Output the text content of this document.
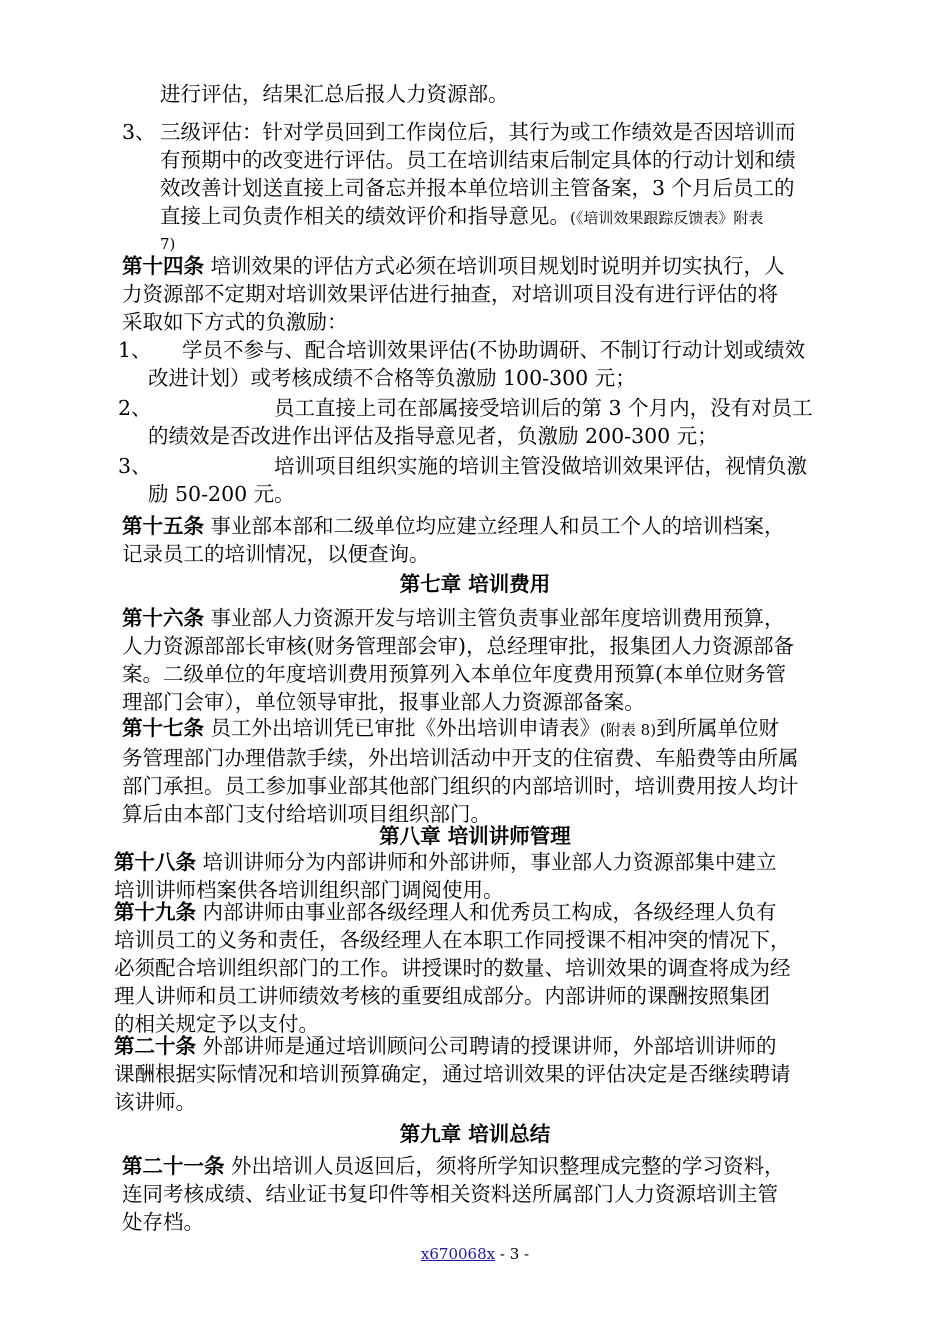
进行评估，结果汇总后报人力资源部。
3、 三级评估：针对学员回到工作岗位后，其行为或工作绩效是否因培训而
有预期中的改变进行评估。员工在培训结束后制定具体的行动计划和绩
效改善计划送直接上司备忘并报本单位培训主管备案，3 个月后员工的
直接上司负责作相关的绩效评价和指导意见。(《培训效果跟踪反馈表》附表
7)
第十四条 培训效果的评估方式必须在培训项目规划时说明并切实执行，人
力资源部不定期对培训效果评估进行抽查，对培训项目没有进行评估的将
采取如下方式的负激励：
1、	学员不参与、配合培训效果评估(不协助调研、不制订行动计划或绩效
改进计划）或考核成绩不合格等负激励 100-300 元；
2、	员工直接上司在部属接受培训后的第 3 个月内，没有对员工
的绩效是否改进作出评估及指导意见者，负激励 200-300 元；
3、	培训项目组织实施的培训主管没做培训效果评估，视情负激
励 50-200 元。
第十五条 事业部本部和二级单位均应建立经理人和员工个人的培训档案，
记录员工的培训情况，以便查询。
第七章 培训费用
第十六条 事业部人力资源开发与培训主管负责事业部年度培训费用预算，
人力资源部部长审核(财务管理部会审)，总经理审批，报集团人力资源部备
案。二级单位的年度培训费用预算列入本单位年度费用预算(本单位财务管
理部门会审），单位领导审批，报事业部人力资源部备案。
第十七条 员工外出培训凭已审批《外出培训申请表》(附表 8)到所属单位财
务管理部门办理借款手续，外出培训活动中开支的住宿费、车船费等由所属
部门承担。员工参加事业部其他部门组织的内部培训时，培训费用按人均计
算后由本部门支付给培训项目组织部门。
第八章 培训讲师管理
第十八条 培训讲师分为内部讲师和外部讲师，事业部人力资源部集中建立
培训讲师档案供各培训组织部门调阅使用。
第十九条 内部讲师由事业部各级经理人和优秀员工构成，各级经理人负有
培训员工的义务和责任，各级经理人在本职工作同授课不相冲突的情况下，
必须配合培训组织部门的工作。讲授课时的数量、培训效果的调查将成为经
理人讲师和员工讲师绩效考核的重要组成部分。内部讲师的课酬按照集团
的相关规定予以支付。
第二十条 外部讲师是通过培训顾问公司聘请的授课讲师，外部培训讲师的
课酬根据实际情况和培训预算确定，通过培训效果的评估决定是否继续聘请
该讲师。
第九章 培训总结
第二十一条 外出培训人员返回后，须将所学知识整理成完整的学习资料，
连同考核成绩、结业证书复印件等相关资料送所属部门人力资源培训主管
处存档。
x670068x - 3 -
